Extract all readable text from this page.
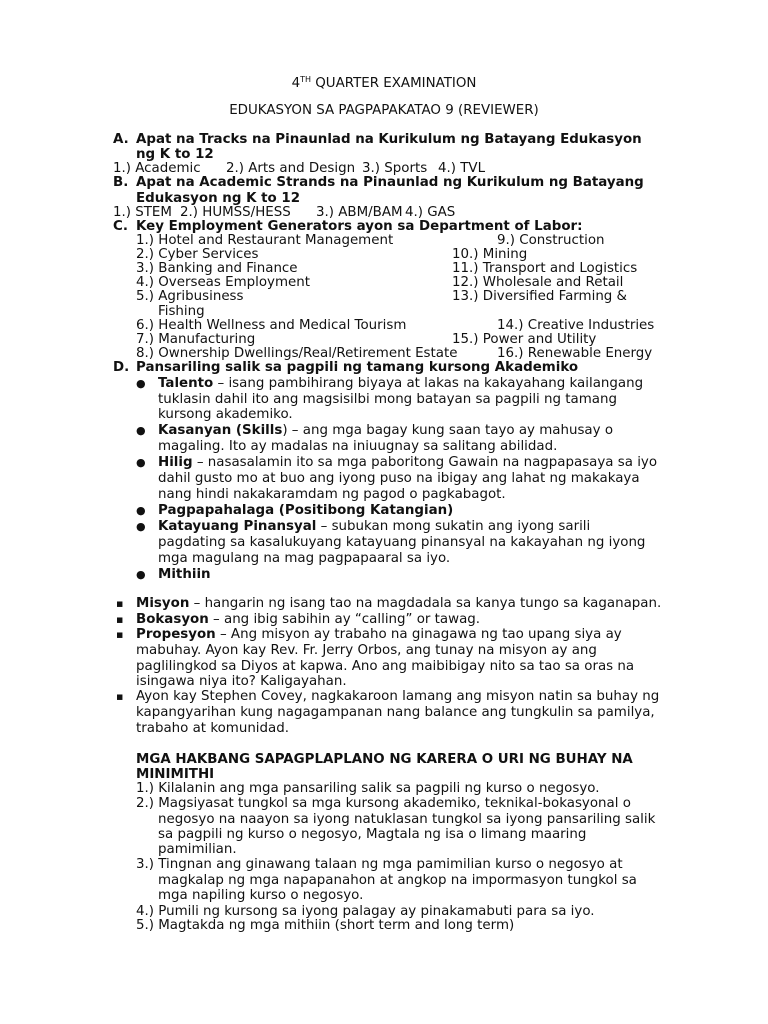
4TH QUARTER EXAMINATION
EDUKASYON SA PAGPAPAKATAO 9 (REVIEWER)
A. Apat na Tracks na Pinaunlad na Kurikulum ng Batayang Edukasyon
ng K to 12
1.) Academic 2.) Arts and Design 3.) Sports 4.) TVL
B. Apat na Academic Strands na Pinaunlad ng Kurikulum ng Batayang
Edukasyon ng K to 12
1.) STEM 2.) HUMSS/HESS 3.) ABM/BAM 4.) GAS
C. Key Employment Generators ayon sa Department of Labor:
1.) Hotel and Restaurant Management	9.) Construction
2.) Cyber Services	10.) Mining
3.) Banking and Finance	11.) Transport and Logistics
4.) Overseas Employment	12.) Wholesale and Retail
5.) Agribusiness	13.) Diversified Farming &
Fishing
6.) Health Wellness and Medical Tourism	14.) Creative Industries
7.) Manufacturing	15.) Power and Utility
8.) Ownership Dwellings/Real/Retirement Estate	16.) Renewable Energy
D. Pansariling salik sa pagpili ng tamang kursong Akademiko
● Talento – isang pambihirang biyaya at lakas na kakayahang kailangang
tuklasin dahil ito ang magsisilbi mong batayan sa pagpili ng tamang
kursong akademiko.
● Kasanyan (Skills) – ang mga bagay kung saan tayo ay mahusay o
magaling. Ito ay madalas na iniuugnay sa salitang abilidad.
● Hilig – nasasalamin ito sa mga paboritong Gawain na nagpapasaya sa iyo
dahil gusto mo at buo ang iyong puso na ibigay ang lahat ng makakaya
nang hindi nakakaramdam ng pagod o pagkabagot.
● Pagpapahalaga (Positibong Katangian)
● Katayuang Pinansyal – subukan mong sukatin ang iyong sarili
pagdating sa kasalukuyang katayuang pinansyal na kakayahan ng iyong
mga magulang na mag pagpapaaral sa iyo.
● Mithiin
▪ Misyon – hangarin ng isang tao na magdadala sa kanya tungo sa kaganapan.
▪ Bokasyon – ang ibig sabihin ay “calling” or tawag.
▪ Propesyon – Ang misyon ay trabaho na ginagawa ng tao upang siya ay
mabuhay. Ayon kay Rev. Fr. Jerry Orbos, ang tunay na misyon ay ang
paglilingkod sa Diyos at kapwa. Ano ang maibibigay nito sa tao sa oras na
isingawa niya ito? Kaligayahan.
▪ Ayon kay Stephen Covey, nagkakaroon lamang ang misyon natin sa buhay ng
kapangyarihan kung nagagampanan nang balance ang tungkulin sa pamilya,
trabaho at komunidad.
MGA HAKBANG SAPAGPLAPLANO NG KARERA O URI NG BUHAY NA
MINIMITHI
1.) Kilalanin ang mga pansariling salik sa pagpili ng kurso o negosyo.
2.) Magsiyasat tungkol sa mga kursong akademiko, teknikal-bokasyonal o
negosyo na naayon sa iyong natuklasan tungkol sa iyong pansariling salik
sa pagpili ng kurso o negosyo, Magtala ng isa o limang maaring
pamimilian.
3.) Tingnan ang ginawang talaan ng mga pamimilian kurso o negosyo at
magkalap ng mga napapanahon at angkop na impormasyon tungkol sa
mga napiling kurso o negosyo.
4.) Pumili ng kursong sa iyong palagay ay pinakamabuti para sa iyo.
5.) Magtakda ng mga mithiin (short term and long term)
